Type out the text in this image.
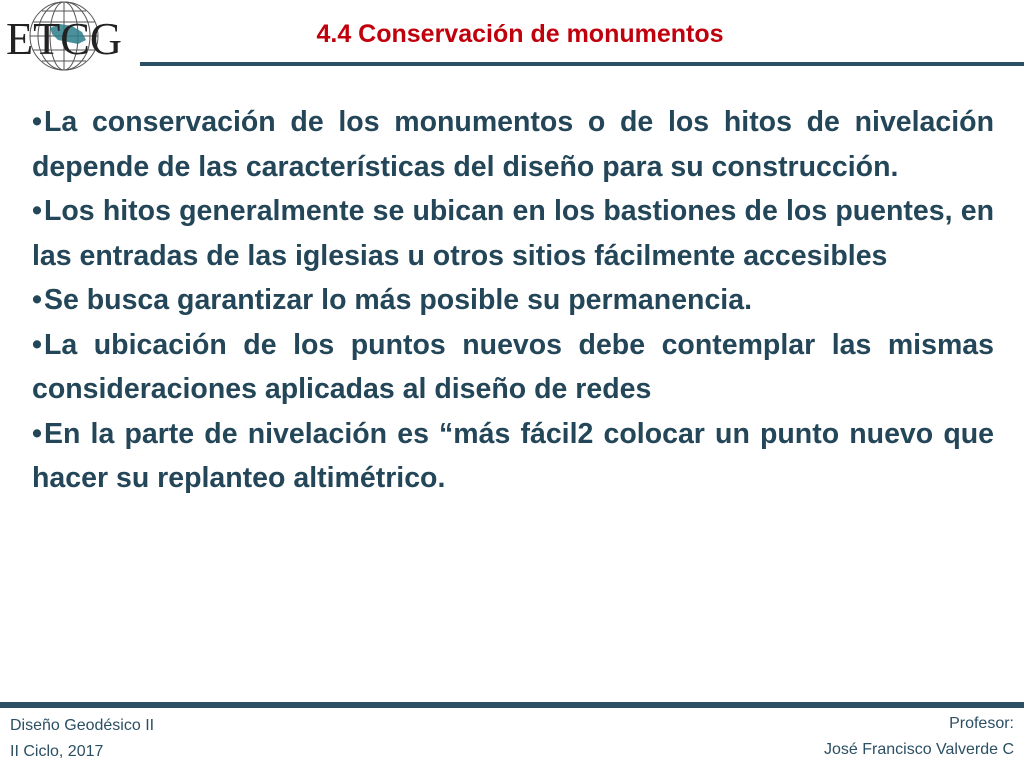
ETCG	4.4 Conservación de monumentos

•La conservación de los monumentos o de los hitos de nivelación depende de las características del diseño para su construcción.

•Los hitos generalmente se ubican en los bastiones de los puentes, en las entradas de las iglesias u otros sitios fácilmente accesibles

•Se busca garantizar lo más posible su permanencia.

•La ubicación de los puntos nuevos debe contemplar las mismas consideraciones aplicadas al diseño de redes

•En la parte de nivelación es “más fácil2 colocar un punto nuevo que hacer su replanteo altimétrico.

Diseño Geodésico II
II Ciclo, 2017
Profesor:
José Francisco Valverde C
